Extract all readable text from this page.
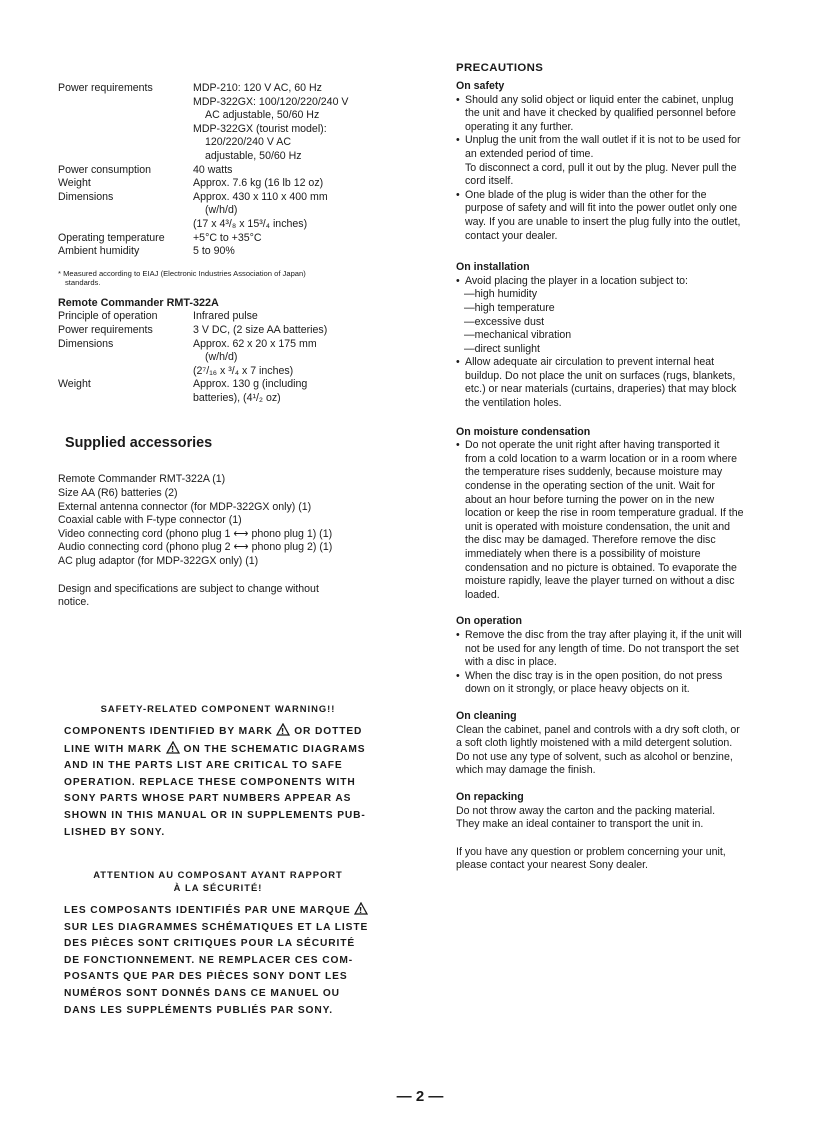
Power requirements	MDP-210: 120 V AC, 60 Hz
MDP-322GX: 100/120/220/240 V
AC adjustable, 50/60 Hz
MDP-322GX (tourist model):
120/220/240 V AC
adjustable, 50/60 Hz
Power consumption	40 watts
Weight	Approx. 7.6 kg (16 lb 12 oz)
Dimensions	Approx. 430 x 110 x 400 mm
(w/h/d)
(17 x 4³/₈ x 15³/₄ inches)
Operating temperature	+5°C to +35°C
Ambient humidity	5 to 90%
* Measured according to EIAJ (Electronic Industries Association of Japan)
standards.
Remote Commander RMT-322A
Principle of operation	Infrared pulse
Power requirements	3 V DC, (2 size AA batteries)
Dimensions	Approx. 62 x 20 x 175 mm
(w/h/d)
(2⁷/₁₆ x ³/₄ x 7 inches)
Weight	Approx. 130 g (including
batteries), (4¹/₂ oz)
Supplied accessories
Remote Commander RMT-322A (1)
Size AA (R6) batteries (2)
External antenna connector (for MDP-322GX only) (1)
Coaxial cable with F-type connector (1)
Video connecting cord (phono plug 1 ⟷ phono plug 1) (1)
Audio connecting cord (phono plug 2 ⟷ phono plug 2) (1)
AC plug adaptor (for MDP-322GX only) (1)
Design and specifications are subject to change without
notice.
SAFETY-RELATED COMPONENT WARNING!!
COMPONENTS IDENTIFIED BY MARK ! OR DOTTED
LINE WITH MARK ! ON THE SCHEMATIC DIAGRAMS
AND IN THE PARTS LIST ARE CRITICAL TO SAFE
OPERATION. REPLACE THESE COMPONENTS WITH
SONY PARTS WHOSE PART NUMBERS APPEAR AS
SHOWN IN THIS MANUAL OR IN SUPPLEMENTS PUB-
LISHED BY SONY.
ATTENTION AU COMPOSANT AYANT RAPPORT
À LA SÉCURITÉ!
LES COMPOSANTS IDENTIFIÉS PAR UNE MARQUE !
SUR LES DIAGRAMMES SCHÉMATIQUES ET LA LISTE
DES PIÈCES SONT CRITIQUES POUR LA SÉCURITÉ
DE FONCTIONNEMENT. NE REMPLACER CES COM-
POSANTS QUE PAR DES PIÈCES SONY DONT LES
NUMÉROS SONT DONNÉS DANS CE MANUEL OU
DANS LES SUPPLÉMENTS PUBLIÉS PAR SONY.
PRECAUTIONS
On safety
• Should any solid object or liquid enter the cabinet, unplug
the unit and have it checked by qualified personnel before
operating it any further.
• Unplug the unit from the wall outlet if it is not to be used for
an extended period of time.
To disconnect a cord, pull it out by the plug. Never pull the
cord itself.
• One blade of the plug is wider than the other for the
purpose of safety and will fit into the power outlet only one
way. If you are unable to insert the plug fully into the outlet,
contact your dealer.
On installation
• Avoid placing the player in a location subject to:
—high humidity
—high temperature
—excessive dust
—mechanical vibration
—direct sunlight
• Allow adequate air circulation to prevent internal heat
buildup. Do not place the unit on surfaces (rugs, blankets,
etc.) or near materials (curtains, draperies) that may block
the ventilation holes.
On moisture condensation
• Do not operate the unit right after having transported it
from a cold location to a warm location or in a room where
the temperature rises suddenly, because moisture may
condense in the operating section of the unit. Wait for
about an hour before turning the power on in the new
location or keep the rise in room temperature gradual. If the
unit is operated with moisture condensation, the unit and
the disc may be damaged. Therefore remove the disc
immediately when there is a possibility of moisture
condensation and no picture is obtained. To evaporate the
moisture rapidly, leave the player turned on without a disc
loaded.
On operation
• Remove the disc from the tray after playing it, if the unit will
not be used for any length of time. Do not transport the set
with a disc in place.
• When the disc tray is in the open position, do not press
down on it strongly, or place heavy objects on it.
On cleaning
Clean the cabinet, panel and controls with a dry soft cloth, or
a soft cloth lightly moistened with a mild detergent solution.
Do not use any type of solvent, such as alcohol or benzine,
which may damage the finish.
On repacking
Do not throw away the carton and the packing material.
They make an ideal container to transport the unit in.
If you have any question or problem concerning your unit,
please contact your nearest Sony dealer.
— 2 —
